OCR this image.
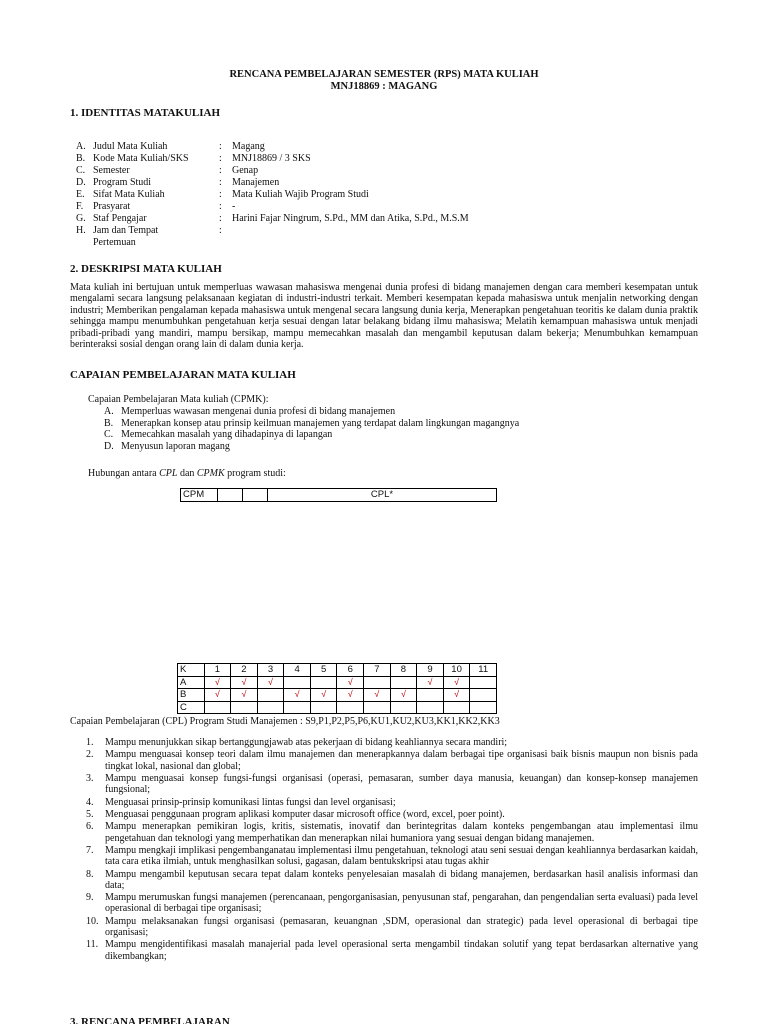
RENCANA PEMBELAJARAN SEMESTER (RPS) MATA KULIAH
MNJ18869 : MAGANG
1. IDENTITAS MATAKULIAH
A. Judul Mata Kuliah	: Magang
B. Kode Mata Kuliah/SKS	: MNJ18869 / 3 SKS
C. Semester	: Genap
D. Program Studi	: Manajemen
E. Sifat Mata Kuliah	: Mata Kuliah Wajib Program Studi
F. Prasyarat	: -
G. Staf Pengajar	: Harini Fajar Ningrum, S.Pd., MM dan Atika, S.Pd., M.S.M
H. Jam dan Tempat	:
Pertemuan
2. DESKRIPSI MATA KULIAH
Mata kuliah ini bertujuan untuk memperluas wawasan mahasiswa mengenai dunia profesi di bidang manajemen dengan cara memberi kesempatan untuk mengalami secara langsung pelaksanaan kegiatan di industri-industri terkait. Memberi kesempatan kepada mahasiswa untuk menjalin networking dengan industri; Memberikan pengalaman kepada mahasiswa untuk mengenal secara langsung dunia kerja, Menerapkan pengetahuan teoritis ke dalam dunia praktik sehingga mampu menumbuhkan pengetahuan kerja sesuai dengan latar belakang bidang ilmu mahasiswa; Melatih kemampuan mahasiswa untuk menjadi pribadi-pribadi yang mandiri, mampu bersikap, mampu memecahkan masalah dan mengambil keputusan dalam bekerja; Menumbuhkan kemampuan berinteraksi sosial dengan orang lain di dalam dunia kerja.
CAPAIAN PEMBELAJARAN MATA KULIAH
Capaian Pembelajaran Mata kuliah (CPMK):
A. Memperluas wawasan mengenai dunia profesi di bidang manajemen
B. Menerapkan konsep atau prinsip keilmuan manajemen yang terdapat dalam lingkungan magangnya
C. Memecahkan masalah yang dihadapinya di lapangan
D. Menyusun laporan magang
Hubungan antara CPL dan CPMK program studi:
CPM			CPL*
K	1	2	3	4	5	6	7	8	9	10	11
A	√	√	√			√			√	√	
B	√	√		√	√	√	√	√		√	
C											
Capaian Pembelajaran (CPL) Program Studi Manajemen : S9,P1,P2,P5,P6,KU1,KU2,KU3,KK1,KK2,KK3
1. Mampu menunjukkan sikap bertanggungjawab atas pekerjaan di bidang keahliannya secara mandiri;
2. Mampu menguasai konsep teori dalam ilmu manajemen dan menerapkannya dalam berbagai tipe organisasi baik bisnis maupun non bisnis pada tingkat lokal, nasional dan global;
3. Mampu menguasai konsep fungsi-fungsi organisasi (operasi, pemasaran, sumber daya manusia, keuangan) dan konsep-konsep manajemen fungsional;
4. Menguasai prinsip-prinsip komunikasi lintas fungsi dan level organisasi;
5. Menguasai penggunaan program aplikasi komputer dasar microsoft office (word, excel, poer point).
6. Mampu menerapkan pemikiran logis, kritis, sistematis, inovatif dan berintegritas dalam konteks pengembangan atau implementasi ilmu pengetahuan dan teknologi yang memperhatikan dan menerapkan nilai humaniora yang sesuai dengan bidang manajemen.
7. Mampu mengkaji implikasi pengembanganatau implementasi ilmu pengetahuan, teknologi atau seni sesuai dengan keahliannya berdasarkan kaidah, tata cara etika ilmiah, untuk menghasilkan solusi, gagasan, dalam bentukskripsi atau tugas akhir
8. Mampu mengambil keputusan secara tepat dalam konteks penyelesaian masalah di bidang manajemen, berdasarkan hasil analisis informasi dan data;
9. Mampu merumuskan fungsi manajemen (perencanaan, pengorganisasian, penyusunan staf, pengarahan, dan pengendalian serta evaluasi) pada level operasional di berbagai tipe organisasi;
10. Mampu melaksanakan fungsi organisasi (pemasaran, keuangnan ,SDM, operasional dan strategic) pada level operasional di berbagai tipe organisasi;
11. Mampu mengidentifikasi masalah manajerial pada level operasional serta mengambil tindakan solutif yang tepat berdasarkan alternative yang dikembangkan;
3. RENCANA PEMBELAJARAN
